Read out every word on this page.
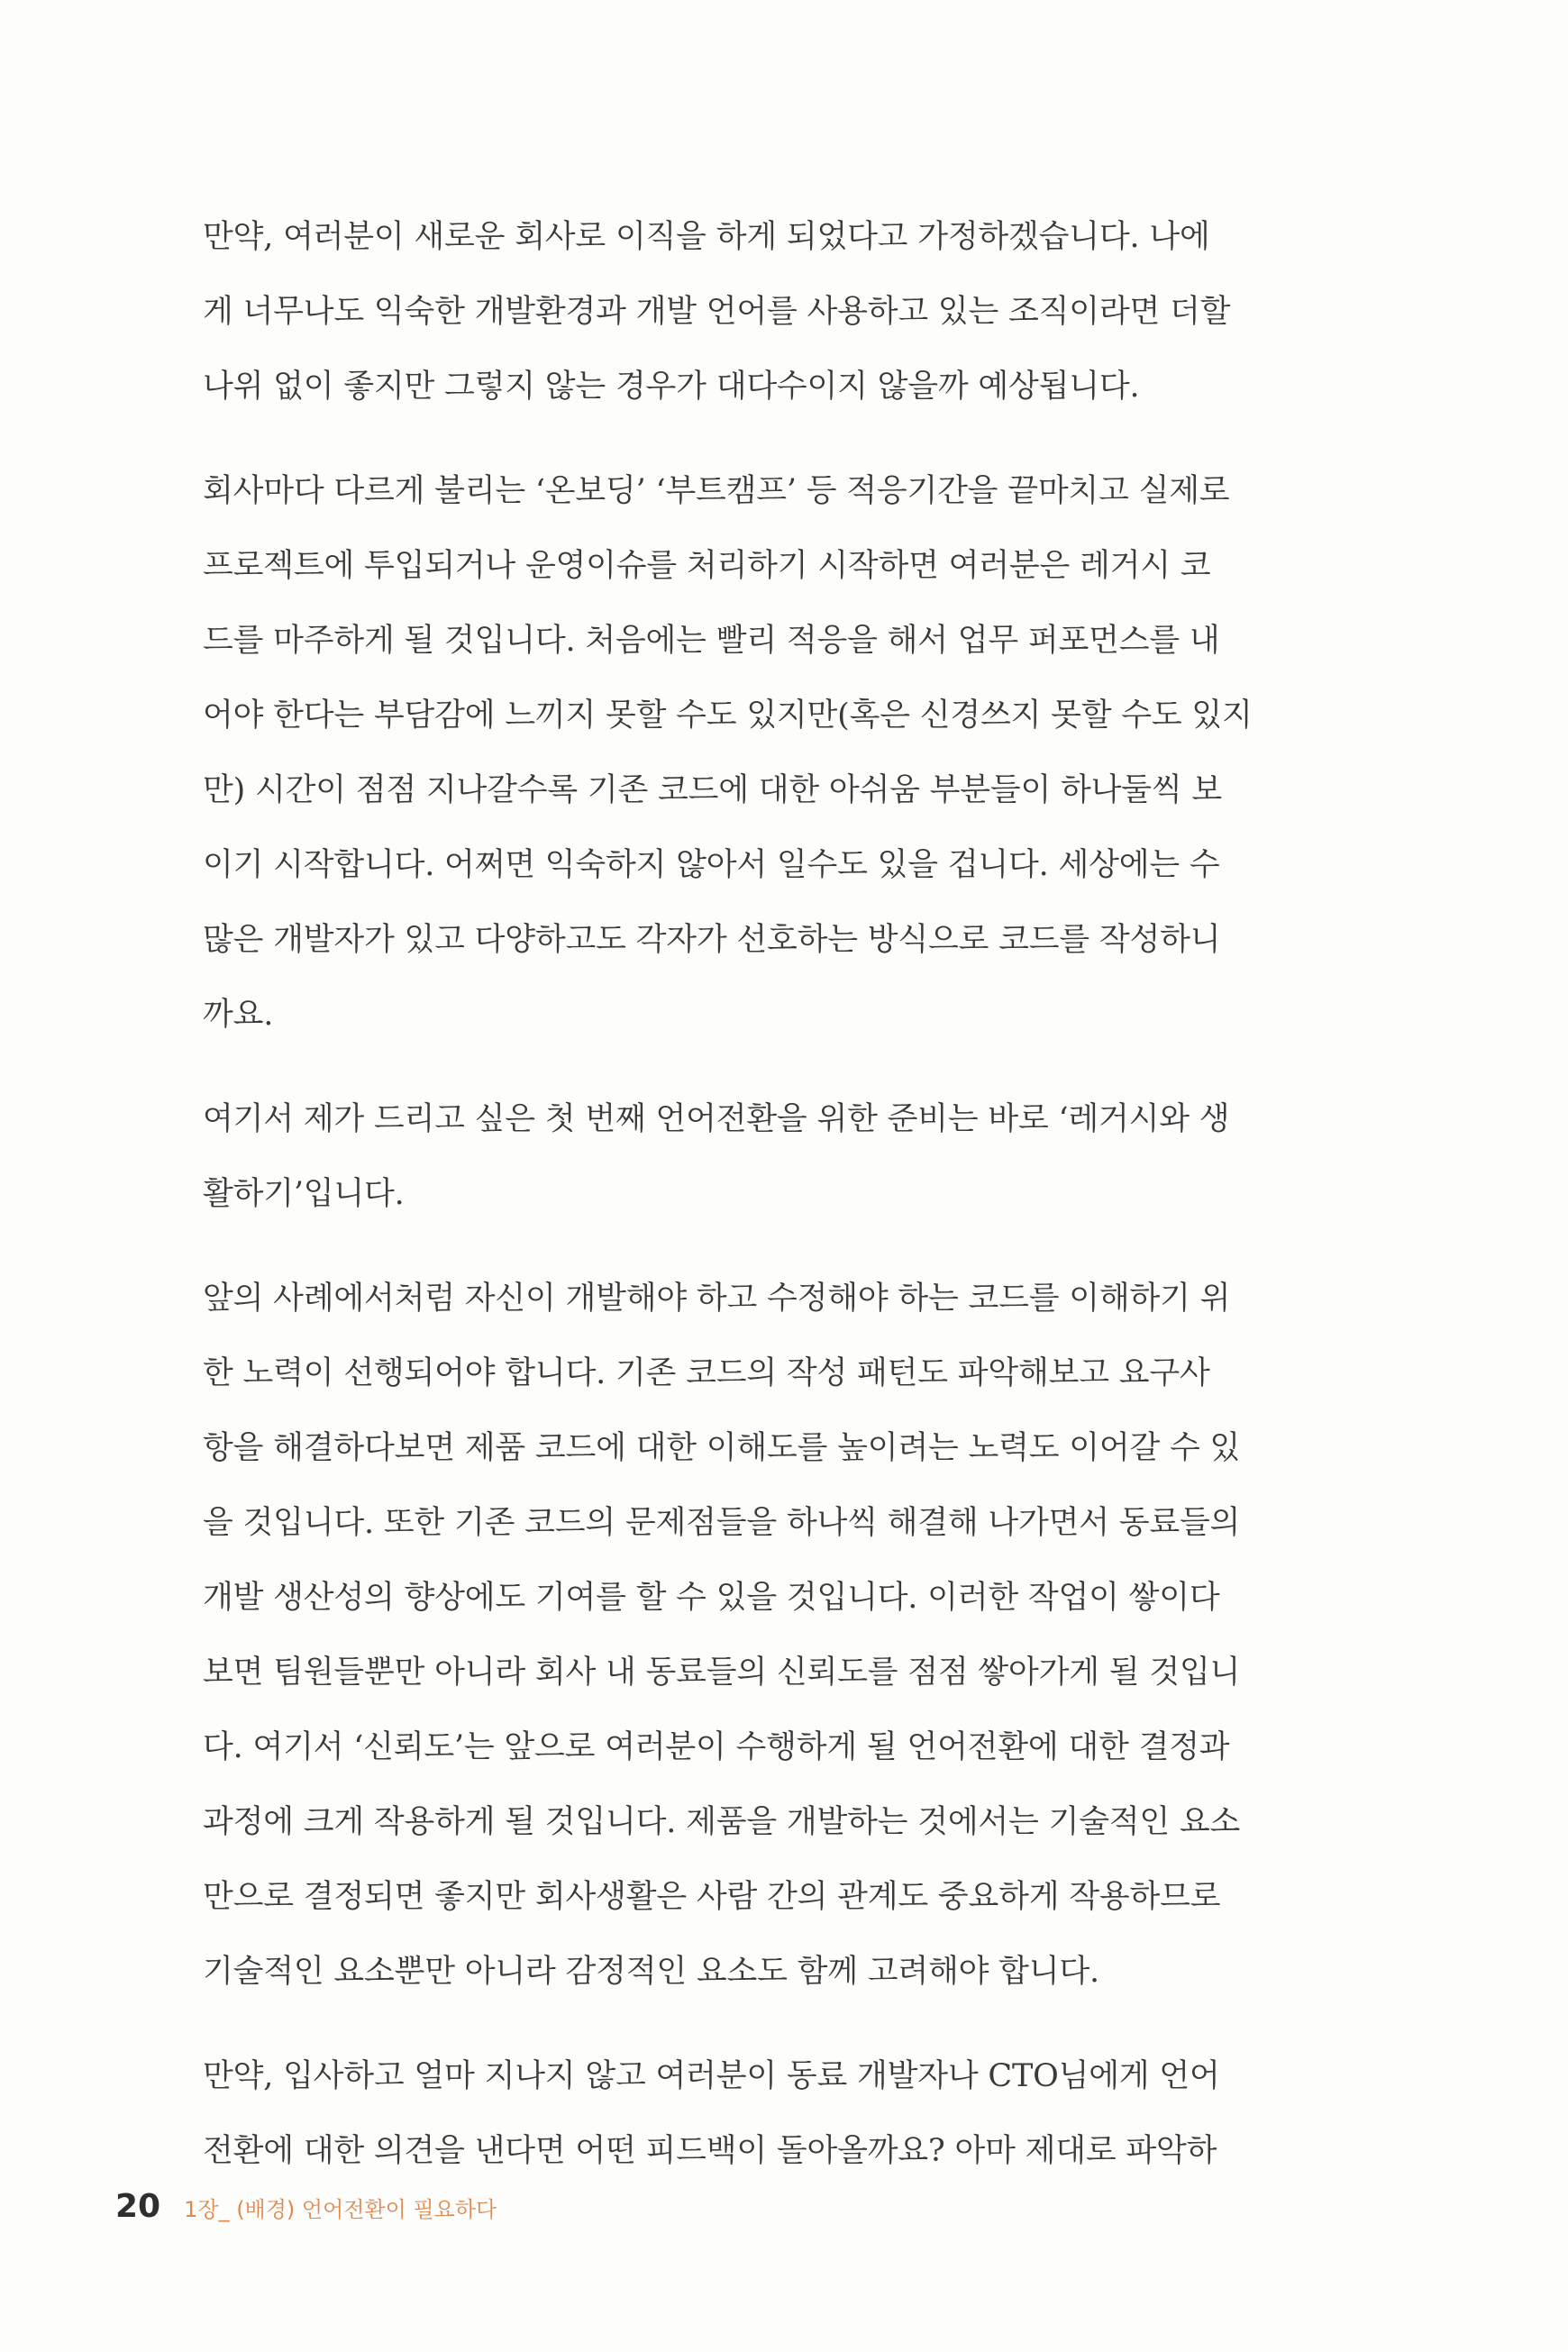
만약, 여러분이 새로운 회사로 이직을 하게 되었다고 가정하겠습니다. 나에
게 너무나도 익숙한 개발환경과 개발 언어를 사용하고 있는 조직이라면 더할
나위 없이 좋지만 그렇지 않는 경우가 대다수이지 않을까 예상됩니다.

회사마다 다르게 불리는 ‘온보딩’ ‘부트캠프’ 등 적응기간을 끝마치고 실제로
프로젝트에 투입되거나 운영이슈를 처리하기 시작하면 여러분은 레거시 코
드를 마주하게 될 것입니다. 처음에는 빨리 적응을 해서 업무 퍼포먼스를 내
어야 한다는 부담감에 느끼지 못할 수도 있지만(혹은 신경쓰지 못할 수도 있지
만) 시간이 점점 지나갈수록 기존 코드에 대한 아쉬움 부분들이 하나둘씩 보
이기 시작합니다. 어쩌면 익숙하지 않아서 일수도 있을 겁니다. 세상에는 수
많은 개발자가 있고 다양하고도 각자가 선호하는 방식으로 코드를 작성하니
까요.

여기서 제가 드리고 싶은 첫 번째 언어전환을 위한 준비는 바로 ‘레거시와 생
활하기’입니다.

앞의 사례에서처럼 자신이 개발해야 하고 수정해야 하는 코드를 이해하기 위
한 노력이 선행되어야 합니다. 기존 코드의 작성 패턴도 파악해보고 요구사
항을 해결하다보면 제품 코드에 대한 이해도를 높이려는 노력도 이어갈 수 있
을 것입니다. 또한 기존 코드의 문제점들을 하나씩 해결해 나가면서 동료들의
개발 생산성의 향상에도 기여를 할 수 있을 것입니다. 이러한 작업이 쌓이다
보면 팀원들뿐만 아니라 회사 내 동료들의 신뢰도를 점점 쌓아가게 될 것입니
다. 여기서 ‘신뢰도’는 앞으로 여러분이 수행하게 될 언어전환에 대한 결정과
과정에 크게 작용하게 될 것입니다. 제품을 개발하는 것에서는 기술적인 요소
만으로 결정되면 좋지만 회사생활은 사람 간의 관계도 중요하게 작용하므로
기술적인 요소뿐만 아니라 감정적인 요소도 함께 고려해야 합니다.

만약, 입사하고 얼마 지나지 않고 여러분이 동료 개발자나 CTO님에게 언어
전환에 대한 의견을 낸다면 어떤 피드백이 돌아올까요? 아마 제대로 파악하

20 1장_ (배경) 언어전환이 필요하다
